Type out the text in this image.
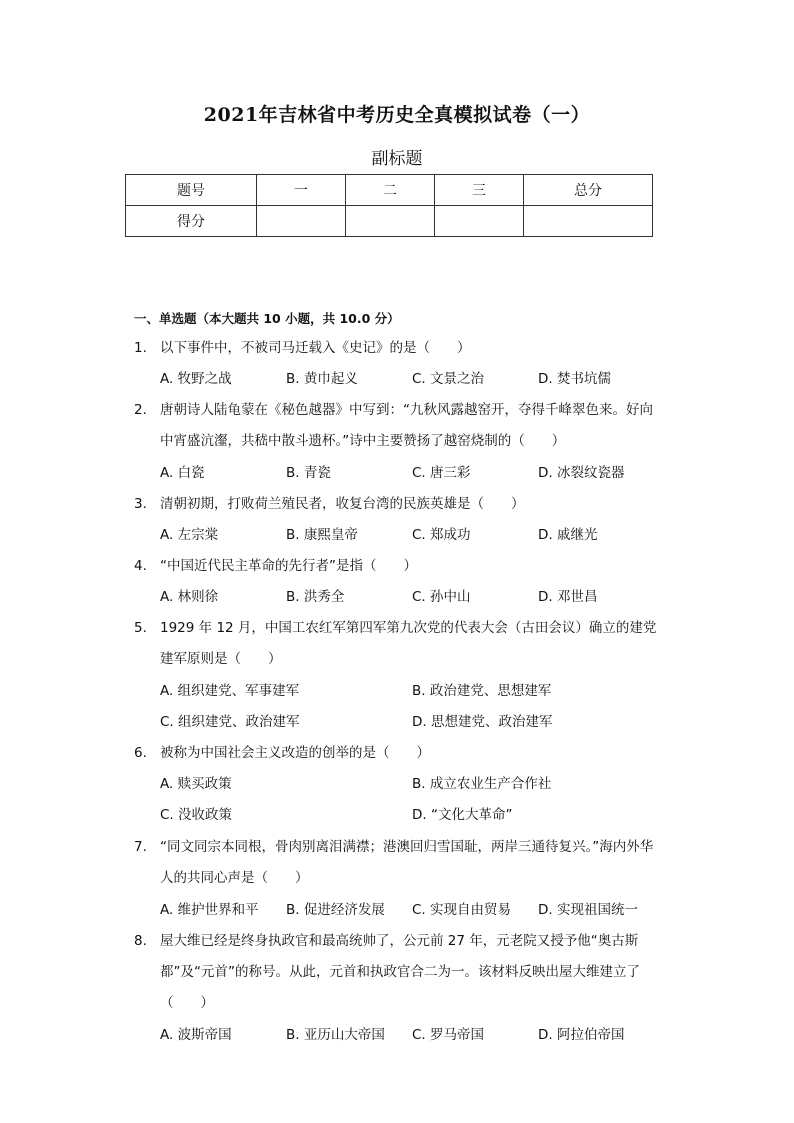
2021年吉林省中考历史全真模拟试卷（一）
副标题
题号	一	二	三	总分
得分				
一、单选题（本大题共 10 小题，共 10.0 分）
1. 以下事件中，不被司马迁载入《史记》的是（　　）
A. 牧野之战	B. 黄巾起义	C. 文景之治	D. 焚书坑儒
2. 唐朝诗人陆龟蒙在《秘色越器》中写到：“九秋风露越窑开，夺得千峰翠色来。好向中宵盛沆瀣，共嵇中散斗遗杯。”诗中主要赞扬了越窑烧制的（　　）
A. 白瓷	B. 青瓷	C. 唐三彩	D. 冰裂纹瓷器
3. 清朝初期，打败荷兰殖民者，收复台湾的民族英雄是（　　）
A. 左宗棠	B. 康熙皇帝	C. 郑成功	D. 戚继光
4. “中国近代民主革命的先行者”是指（　　）
A. 林则徐	B. 洪秀全	C. 孙中山	D. 邓世昌
5. 1929 年 12 月，中国工农红军第四军第九次党的代表大会（古田会议）确立的建党建军原则是（　　）
A. 组织建党、军事建军	B. 政治建党、思想建军
C. 组织建党、政治建军	D. 思想建党、政治建军
6. 被称为中国社会主义改造的创举的是（　　）
A. 赎买政策	B. 成立农业生产合作社
C. 没收政策	D. “文化大革命”
7. “同文同宗本同根，骨肉别离泪满襟；港澳回归雪国耻，两岸三通待复兴。”海内外华人的共同心声是（　　）
A. 维护世界和平 B. 促进经济发展 C. 实现自由贸易 D. 实现祖国统一
8. 屋大维已经是终身执政官和最高统帅了，公元前 27 年，元老院又授予他“奥古斯都”及“元首”的称号。从此，元首和执政官合二为一。该材料反映出屋大维建立了（　　）
A. 波斯帝国	B. 亚历山大帝国 C. 罗马帝国	D. 阿拉伯帝国
